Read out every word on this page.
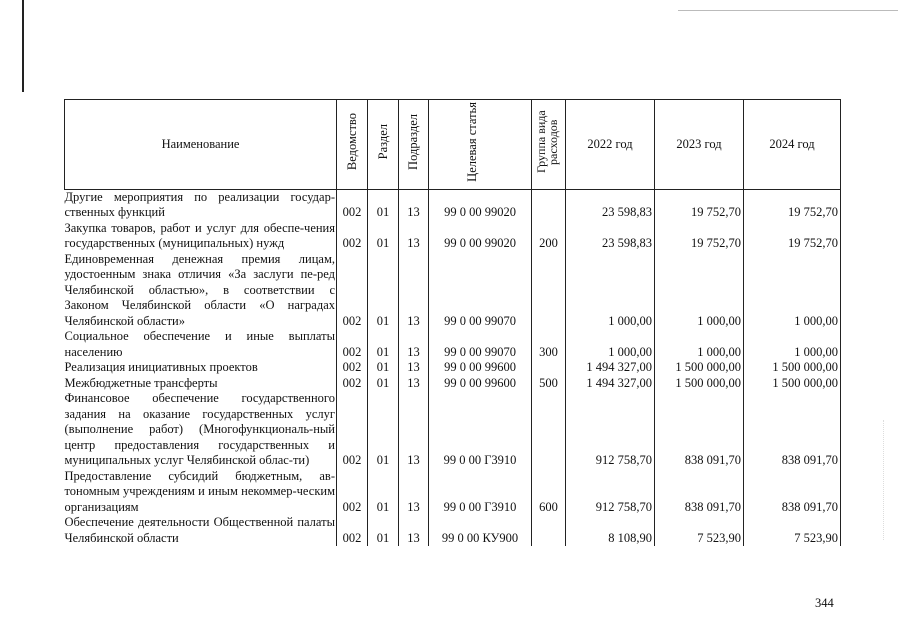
Наименование	Ведомство	Раздел	Подраздел	Целевая статья	Группа вида расходов	2022 год	2023 год	2024 год
Другие мероприятия по реализации государ-ственных функций	002	01	13	99 0 00 99020		23 598,83	19 752,70	19 752,70
Закупка товаров, работ и услуг для обеспе-чения государственных (муниципальных) нужд	002	01	13	99 0 00 99020	200	23 598,83	19 752,70	19 752,70
Единовременная денежная премия лицам, удостоенным знака отличия «За заслуги пе-ред Челябинской областью», в соответствии с Законом Челябинской области «О наградах Челябинской области»	002	01	13	99 0 00 99070		1 000,00	1 000,00	1 000,00
Социальное обеспечение и иные выплаты населению	002	01	13	99 0 00 99070	300	1 000,00	1 000,00	1 000,00
Реализация инициативных проектов	002	01	13	99 0 00 99600		1 494 327,00	1 500 000,00	1 500 000,00
Межбюджетные трансферты	002	01	13	99 0 00 99600	500	1 494 327,00	1 500 000,00	1 500 000,00
Финансовое обеспечение государственного задания на оказание государственных услуг (выполнение работ) (Многофункциональ-ный центр предоставления государственных и муниципальных услуг Челябинской облас-ти)	002	01	13	99 0 00 Г3910		912 758,70	838 091,70	838 091,70
Предоставление субсидий бюджетным, ав-тономным учреждениям и иным некоммер-ческим организациям	002	01	13	99 0 00 Г3910	600	912 758,70	838 091,70	838 091,70
Обеспечение деятельности Общественной палаты Челябинской области	002	01	13	99 0 00 КУ900		8 108,90	7 523,90	7 523,90
344
